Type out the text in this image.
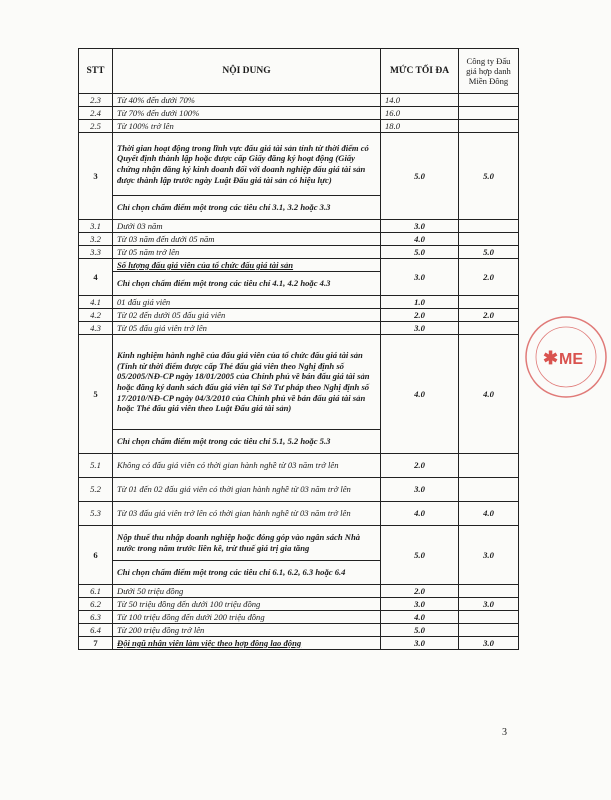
STT	NỘI DUNG	MỨC TỐI ĐA	Công ty Đấu giá hợp danh Miền Đông
2.3	Từ 40% đến dưới 70%	14.0	
2.4	Từ 70% đến dưới 100%	16.0	
2.5	Từ 100% trở lên	18.0	
3	Thời gian hoạt động trong lĩnh vực đấu giá tài sản tính từ thời điểm có Quyết định thành lập hoặc được cấp Giấy đăng ký hoạt động (Giấy chứng nhận đăng ký kinh doanh đối với doanh nghiệp đấu giá tài sản được thành lập trước ngày Luật Đấu giá tài sản có hiệu lực)	5.0	5.0
	Chỉ chọn chấm điểm một trong các tiêu chí 3.1, 3.2 hoặc 3.3		
3.1	Dưới 03 năm	3.0	
3.2	Từ 03 năm đến dưới 05 năm	4.0	
3.3	Từ 05 năm trở lên	5.0	5.0
4	Số lượng đấu giá viên của tổ chức đấu giá tài sản	3.0	2.0
	Chỉ chọn chấm điểm một trong các tiêu chí 4.1, 4.2 hoặc 4.3		
4.1	01 đấu giá viên	1.0	
4.2	Từ 02 đến dưới 05 đấu giá viên	2.0	2.0
4.3	Từ 05 đấu giá viên trở lên	3.0	
5	Kinh nghiệm hành nghề của đấu giá viên của tổ chức đấu giá tài sản (Tính từ thời điểm được cấp Thẻ đấu giá viên theo Nghị định số 05/2005/NĐ-CP ngày 18/01/2005 của Chính phủ về bán đấu giá tài sản hoặc đăng ký danh sách đấu giá viên tại Sở Tư pháp theo Nghị định số 17/2010/NĐ-CP ngày 04/3/2010 của Chính phủ về bán đấu giá tài sản hoặc Thẻ đấu giá viên theo Luật Đấu giá tài sản)	4.0	4.0
	Chỉ chọn chấm điểm một trong các tiêu chí 5.1, 5.2 hoặc 5.3		
5.1	Không có đấu giá viên có thời gian hành nghề từ 03 năm trở lên	2.0	
5.2	Từ 01 đến 02 đấu giá viên có thời gian hành nghề từ 03 năm trở lên	3.0	
5.3	Từ 03 đấu giá viên trở lên có thời gian hành nghề từ 03 năm trở lên	4.0	4.0
6	Nộp thuế thu nhập doanh nghiệp hoặc đóng góp vào ngân sách Nhà nước trong năm trước liền kề, trừ thuế giá trị gia tăng	5.0	3.0
	Chỉ chọn chấm điểm một trong các tiêu chí 6.1, 6.2, 6.3 hoặc 6.4		
6.1	Dưới 50 triệu đồng	2.0	
6.2	Từ 50 triệu đồng đến dưới 100 triệu đồng	3.0	3.0
6.3	Từ 100 triệu đồng đến dưới 200 triệu đồng	4.0	
6.4	Từ 200 triệu đồng trở lên	5.0	
7	Đội ngũ nhân viên làm việc theo hợp đồng lao động	3.0	3.0
✱ ME
3
